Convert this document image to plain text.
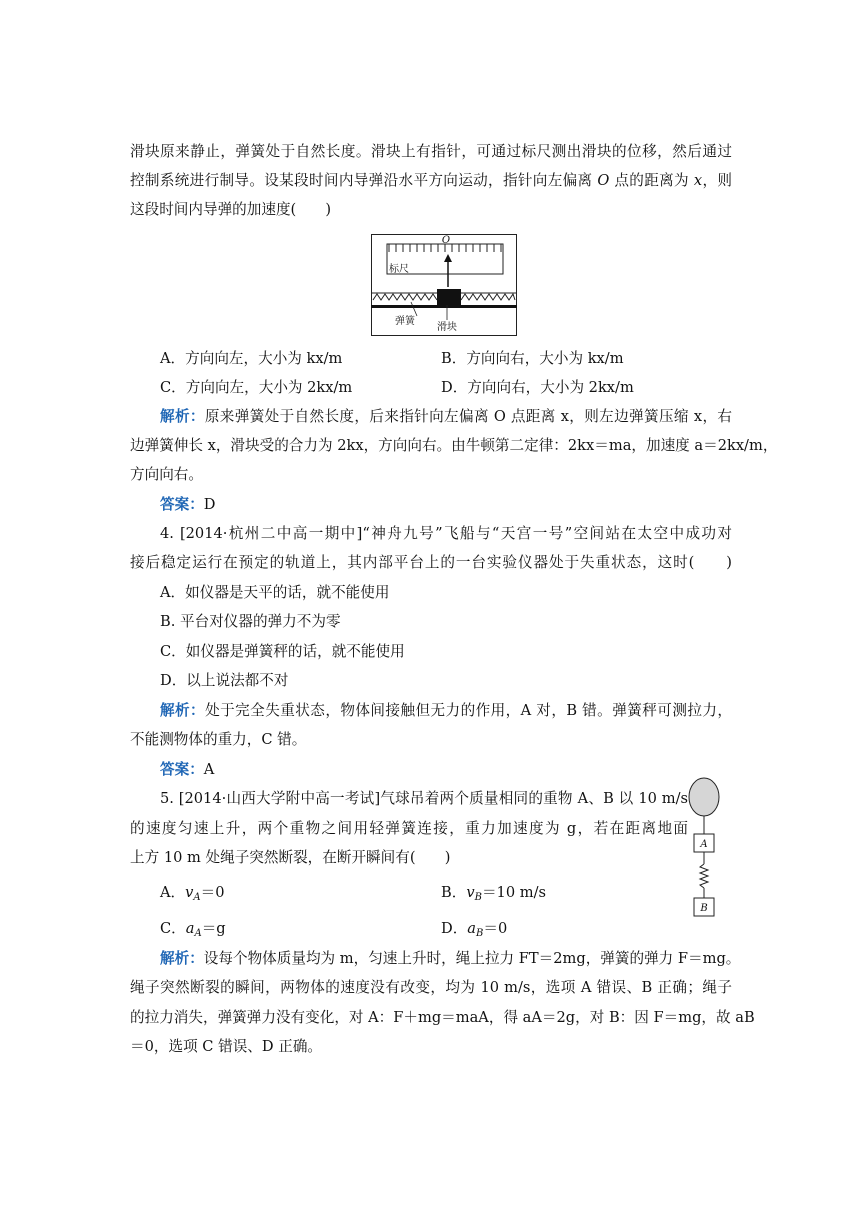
滑块原来静止，弹簧处于自然长度。滑块上有指针，可通过标尺测出滑块的位移，然后通过
控制系统进行制导。设某段时间内导弹沿水平方向运动，指针向左偏离 O 点的距离为 x，则
这段时间内导弹的加速度(　　)
O
标尺
弹簧
滑块
A．方向向左，大小为 kx/m	B．方向向右，大小为 kx/m
C．方向向左，大小为 2kx/m	D．方向向右，大小为 2kx/m
解析：原来弹簧处于自然长度，后来指针向左偏离 O 点距离 x，则左边弹簧压缩 x，右
边弹簧伸长 x，滑块受的合力为 2kx，方向向右。由牛顿第二定律：2kx＝ma，加速度 a＝2kx/m，
方向向右。
答案：D
4. [2014·杭州二中高一期中]“神舟九号”飞船与“天宫一号”空间站在太空中成功对
接后稳定运行在预定的轨道上，其内部平台上的一台实验仪器处于失重状态，这时(　　)
A．如仪器是天平的话，就不能使用
B. 平台对仪器的弹力不为零
C．如仪器是弹簧秤的话，就不能使用
D．以上说法都不对
解析：处于完全失重状态，物体间接触但无力的作用，A 对，B 错。弹簧秤可测拉力，
不能测物体的重力，C 错。
答案：A
5. [2014·山西大学附中高一考试]气球吊着两个质量相同的重物 A、B 以 10 m/s
的速度匀速上升，两个重物之间用轻弹簧连接，重力加速度为 g，若在距离地面
上方 10 m 处绳子突然断裂，在断开瞬间有(　　)
A
B
A．$v_A=0$	B．$v_B=10$ m/s
C．$a_A=g$	D．$a_B=0$
解析：设每个物体质量均为 m，匀速上升时，绳上拉力 FT＝2mg，弹簧的弹力 F＝mg。
绳子突然断裂的瞬间，两物体的速度没有改变，均为 10 m/s，选项 A 错误、B 正确；绳子
的拉力消失，弹簧弹力没有变化，对 A：F＋mg＝maA，得 aA＝2g，对 B：因 F＝mg，故 aB
＝0，选项 C 错误、D 正确。
